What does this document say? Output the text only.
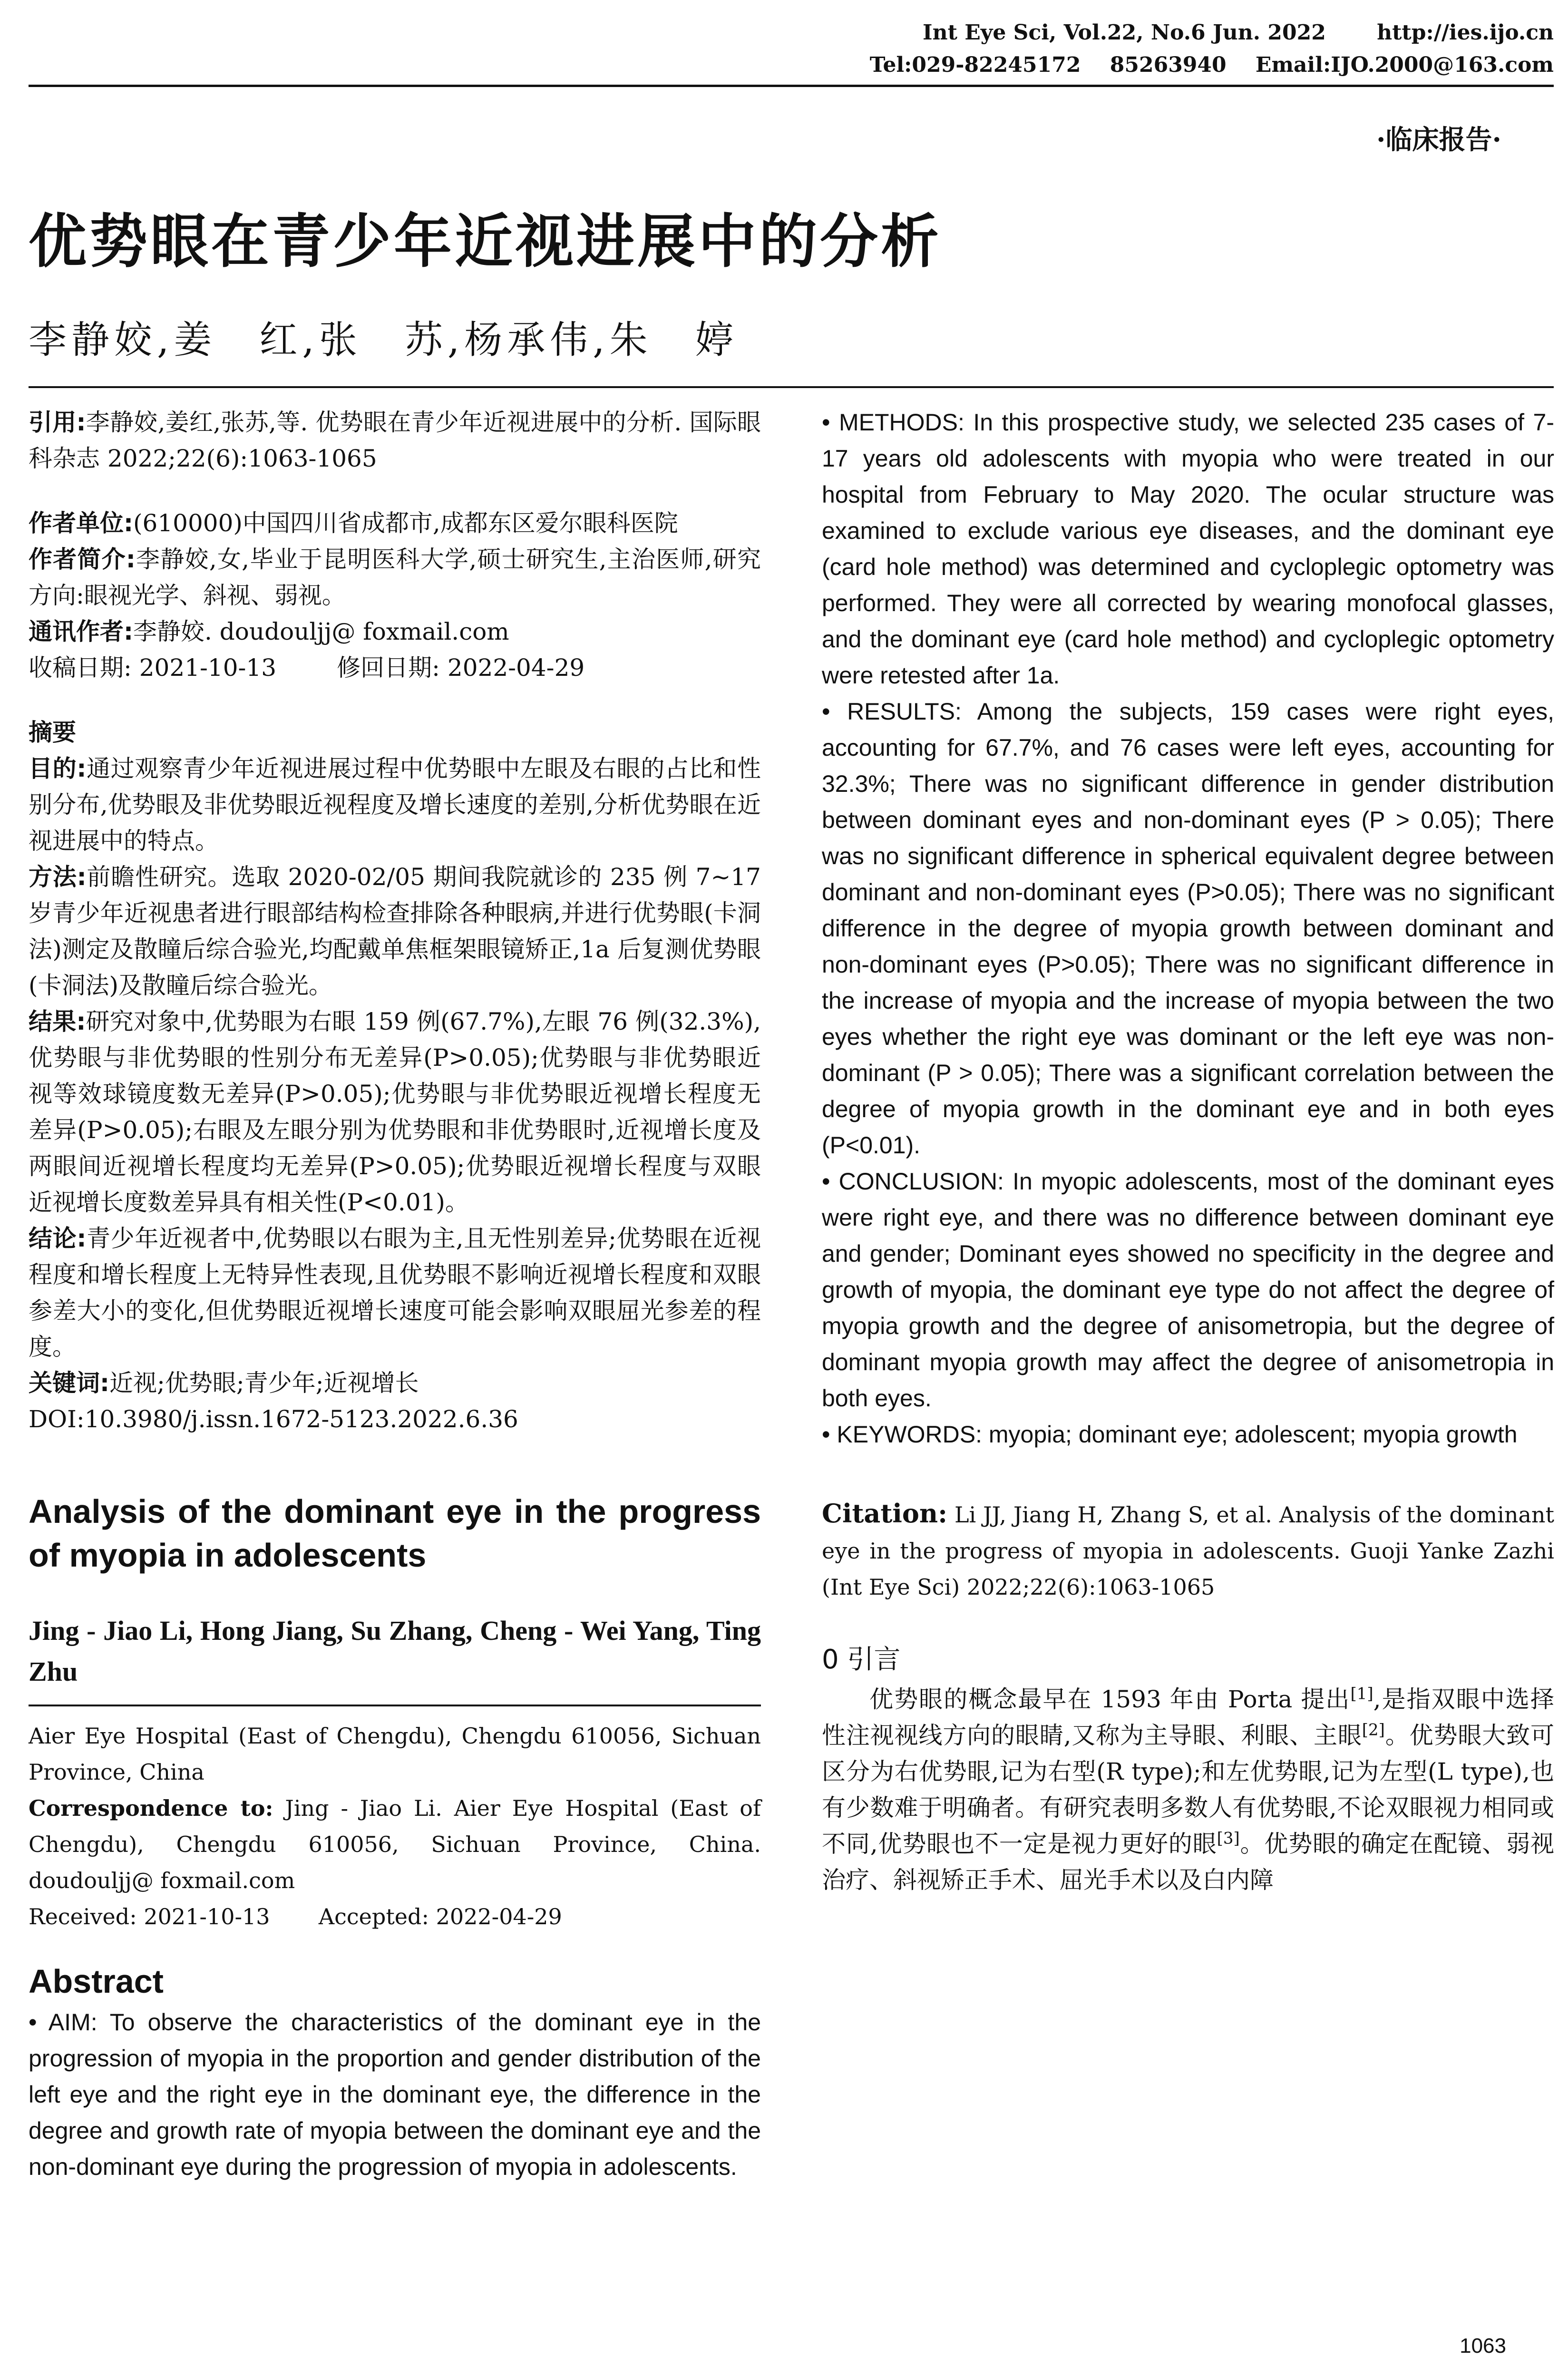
Int Eye Sci, Vol.22, No.6 Jun. 2022       http://ies.ijo.cn
Tel:029-82245172    85263940    Email:IJO.2000@163.com
·临床报告·
优势眼在青少年近视进展中的分析
李静姣,姜　红,张　苏,杨承伟,朱　婷

引用:李静姣,姜红,张苏,等. 优势眼在青少年近视进展中的分析. 国际眼科杂志 2022;22(6):1063-1065

作者单位:(610000)中国四川省成都市,成都东区爱尔眼科医院

作者简介:李静姣,女,毕业于昆明医科大学,硕士研究生,主治医师,研究方向:眼视光学、斜视、弱视。

通讯作者:李静姣. doudouljj@ foxmail.com

收稿日期: 2021-10-13        修回日期: 2022-04-29

摘要

目的:通过观察青少年近视进展过程中优势眼中左眼及右眼的占比和性别分布,优势眼及非优势眼近视程度及增长速度的差别,分析优势眼在近视进展中的特点。

方法:前瞻性研究。选取 2020-02/05 期间我院就诊的 235 例 7~17 岁青少年近视患者进行眼部结构检查排除各种眼病,并进行优势眼(卡洞法)测定及散瞳后综合验光,均配戴单焦框架眼镜矫正,1a 后复测优势眼(卡洞法)及散瞳后综合验光。

结果:研究对象中,优势眼为右眼 159 例(67.7%),左眼 76 例(32.3%),优势眼与非优势眼的性别分布无差异(P>0.05);优势眼与非优势眼近视等效球镜度数无差异(P>0.05);优势眼与非优势眼近视增长程度无差异(P>0.05);右眼及左眼分别为优势眼和非优势眼时,近视增长度及两眼间近视增长程度均无差异(P>0.05);优势眼近视增长程度与双眼近视增长度数差异具有相关性(P<0.01)。

结论:青少年近视者中,优势眼以右眼为主,且无性别差异;优势眼在近视程度和增长程度上无特异性表现,且优势眼不影响近视增长程度和双眼参差大小的变化,但优势眼近视增长速度可能会影响双眼屈光参差的程度。

关键词:近视;优势眼;青少年;近视增长

DOI:10.3980/j.issn.1672-5123.2022.6.36

Analysis of the dominant eye in the progress of myopia in adolescents

Jing - Jiao Li, Hong Jiang, Su Zhang, Cheng - Wei Yang, Ting Zhu

Aier Eye Hospital (East of Chengdu), Chengdu 610056, Sichuan Province, China

Correspondence to: Jing - Jiao Li. Aier Eye Hospital (East of Chengdu), Chengdu 610056, Sichuan Province, China. doudouljj@ foxmail.com

Received: 2021-10-13       Accepted: 2022-04-29

Abstract

• AIM: To observe the characteristics of the dominant eye in the progression of myopia in the proportion and gender distribution of the left eye and the right eye in the dominant eye, the difference in the degree and growth rate of myopia between the dominant eye and the non-dominant eye during the progression of myopia in adolescents.

• METHODS: In this prospective study, we selected 235 cases of 7-17 years old adolescents with myopia who were treated in our hospital from February to May 2020. The ocular structure was examined to exclude various eye diseases, and the dominant eye (card hole method) was determined and cycloplegic optometry was performed. They were all corrected by wearing monofocal glasses, and the dominant eye (card hole method) and cycloplegic optometry were retested after 1a.

• RESULTS: Among the subjects, 159 cases were right eyes, accounting for 67.7%, and 76 cases were left eyes, accounting for 32.3%; There was no significant difference in gender distribution between dominant eyes and non-dominant eyes (P > 0.05); There was no significant difference in spherical equivalent degree between dominant and non-dominant eyes (P>0.05); There was no significant difference in the degree of myopia growth between dominant and non-dominant eyes (P>0.05); There was no significant difference in the increase of myopia and the increase of myopia between the two eyes whether the right eye was dominant or the left eye was non-dominant (P > 0.05); There was a significant correlation between the degree of myopia growth in the dominant eye and in both eyes (P<0.01).

• CONCLUSION: In myopic adolescents, most of the dominant eyes were right eye, and there was no difference between dominant eye and gender; Dominant eyes showed no specificity in the degree and growth of myopia, the dominant eye type do not affect the degree of myopia growth and the degree of anisometropia, but the degree of dominant myopia growth may affect the degree of anisometropia in both eyes.

• KEYWORDS: myopia; dominant eye; adolescent; myopia growth

Citation: Li JJ, Jiang H, Zhang S, et al. Analysis of the dominant eye in the progress of myopia in adolescents. Guoji Yanke Zazhi (Int Eye Sci) 2022;22(6):1063-1065

0 引言

优势眼的概念最早在 1593 年由 Porta 提出[1],是指双眼中选择性注视视线方向的眼睛,又称为主导眼、利眼、主眼[2]。优势眼大致可区分为右优势眼,记为右型(R type);和左优势眼,记为左型(L type),也有少数难于明确者。有研究表明多数人有优势眼,不论双眼视力相同或不同,优势眼也不一定是视力更好的眼[3]。优势眼的确定在配镜、弱视治疗、斜视矫正手术、屈光手术以及白内障

1063
